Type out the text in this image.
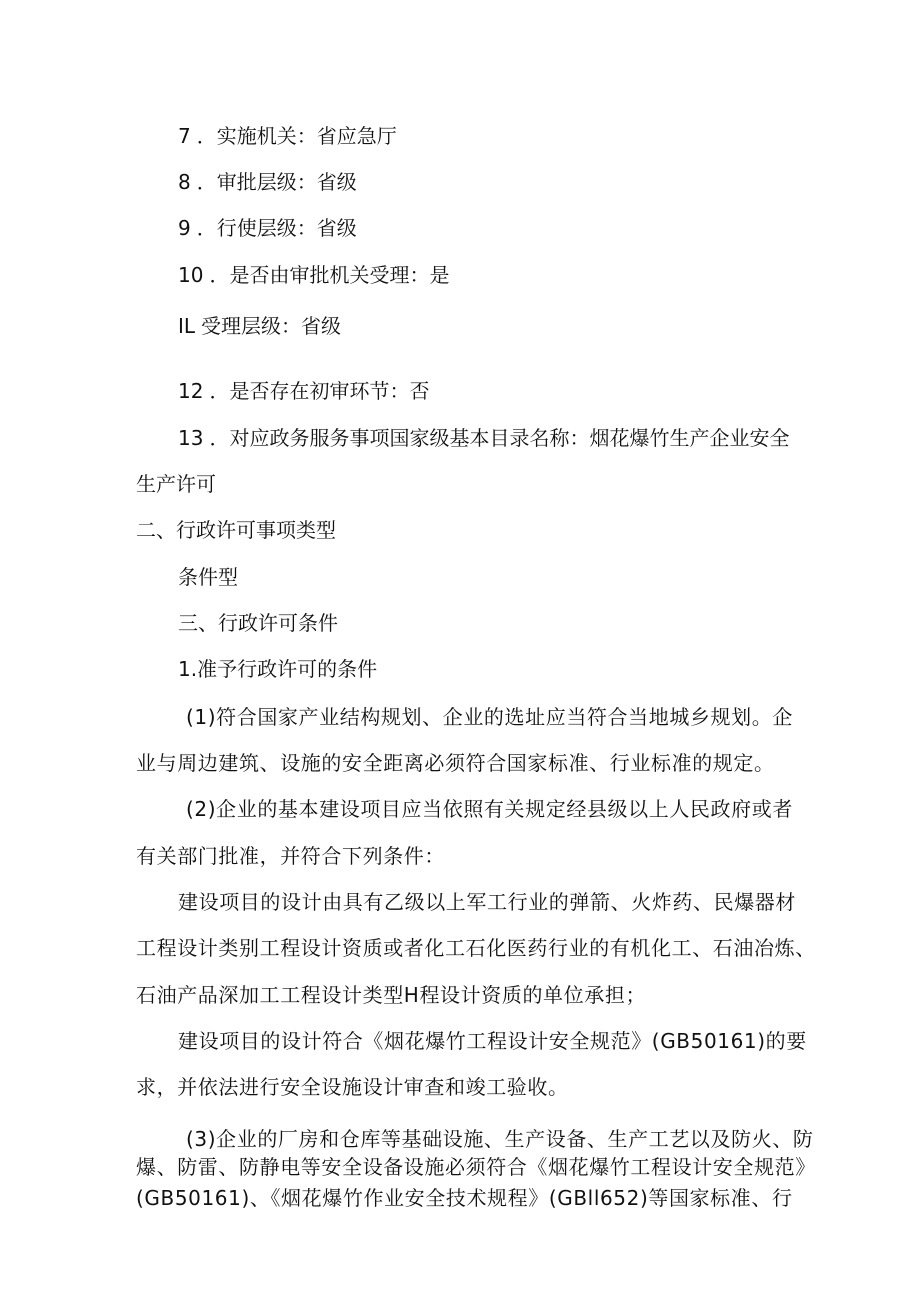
7 ．实施机关：省应急厅

8 ．审批层级：省级

9 ．行使层级：省级

10 ．是否由审批机关受理：是

IL 受理层级：省级

12 ．是否存在初审环节：否

13 ．对应政务服务事项国家级基本目录名称：烟花爆竹生产企业安全

生产许可

二、行政许可事项类型

条件型

三、行政许可条件

1.准予行政许可的条件

(1)符合国家产业结构规划、企业的选址应当符合当地城乡规划。企

业与周边建筑、设施的安全距离必须符合国家标准、行业标准的规定。

(2)企业的基本建设项目应当依照有关规定经县级以上人民政府或者

有关部门批准，并符合下列条件：

建设项目的设计由具有乙级以上军工行业的弹箭、火炸药、民爆器材

工程设计类别工程设计资质或者化工石化医药行业的有机化工、石油冶炼、

石油产品深加工工程设计类型H程设计资质的单位承担；

建设项目的设计符合《烟花爆竹工程设计安全规范》(GB50161)的要

求，并依法进行安全设施设计审查和竣工验收。

(3)企业的厂房和仓库等基础设施、生产设备、生产工艺以及防火、防

爆、防雷、防静电等安全设备设施必须符合《烟花爆竹工程设计安全规范》

(GB50161)、《烟花爆竹作业安全技术规程》(GBll652)等国家标准、行
